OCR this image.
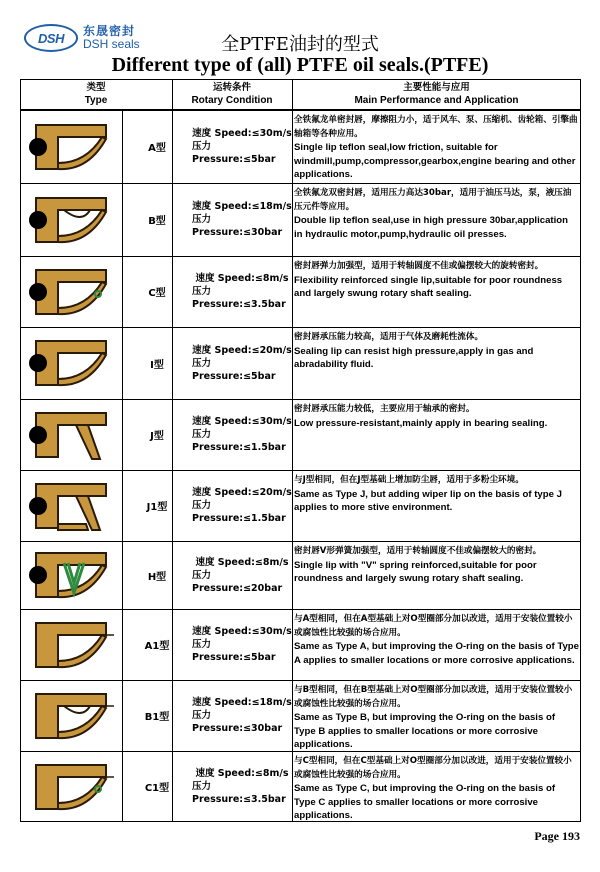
DSH	东晟密封
DSH seals	全PTFE油封的型式
Different type of (all) PTFE oil seals.(PTFE)
类型
Type
运转条件
Rotary Condition
主要性能与应用
Main Performance and Application
A型
速度 Speed:≤30m/s
压力Pressure:≤5bar
全铁氟龙单密封唇，摩擦阻力小，适于风车、泵、压缩机、齿轮箱、引擎曲轴箱等各种应用。
Single lip teflon seal,low friction, suitable for windmill,pump,compressor,gearbox,engine bearing and other applications.
B型
速度 Speed:≤18m/s
压力Pressure:≤30bar
全铁氟龙双密封唇，适用压力高达30bar，适用于油压马达，泵，液压油压元件等应用。
Double lip teflon seal,use in high pressure 30bar,application in hydraulic motor,pump,hydraulic oil presses.
C型
速度 Speed:≤8m/s
压力Pressure:≤3.5bar
密封唇弹力加强型，适用于转轴圆度不佳或偏摆较大的旋转密封。
Flexibility reinforced single lip,suitable for poor roundness and largely swung rotary shaft sealing.
I型
速度 Speed:≤20m/s
压力Pressure:≤5bar
密封唇承压能力较高，适用于气体及磨耗性流体。
Sealing lip can resist high pressure,apply in gas and abradability fluid.
J型
速度 Speed:≤30m/s
压力Pressure:≤1.5bar
密封唇承压能力较低，主要应用于轴承的密封。
Low pressure-resistant,mainly apply in bearing sealing.
J1型
速度 Speed:≤20m/s
压力Pressure:≤1.5bar
与J型相同，但在J型基础上增加防尘唇，适用于多粉尘环境。
Same as Type J, but adding wiper lip on the basis of type J applies to more stive environment.
H型
速度 Speed:≤8m/s
压力Pressure:≤20bar
密封唇V形弹簧加强型，适用于转轴圆度不佳或偏摆较大的密封。
Single lip with "V" spring reinforced,suitable for poor roundness and largely swung rotary shaft sealing.
A1型
速度 Speed:≤30m/s
压力Pressure:≤5bar
与A型相同，但在A型基础上对O型圈部分加以改进，适用于安装位置较小或腐蚀性比较强的场合应用。
Same as Type A, but improving the O-ring on the basis of Type A applies to smaller locations or more corrosive applications.
B1型
速度 Speed:≤18m/s
压力Pressure:≤30bar
与B型相同，但在B型基础上对O型圈部分加以改进，适用于安装位置较小或腐蚀性比较强的场合应用。
Same as Type B, but improving the O-ring on the basis of Type B applies to smaller locations or more corrosive applications.
C1型
速度 Speed:≤8m/s
压力Pressure:≤3.5bar
与C型相同，但在C型基础上对O型圈部分加以改进，适用于安装位置较小或腐蚀性比较强的场合应用。
Same as Type C, but improving the O-ring on the basis of Type C applies to smaller locations or more corrosive applications.
Page 193
